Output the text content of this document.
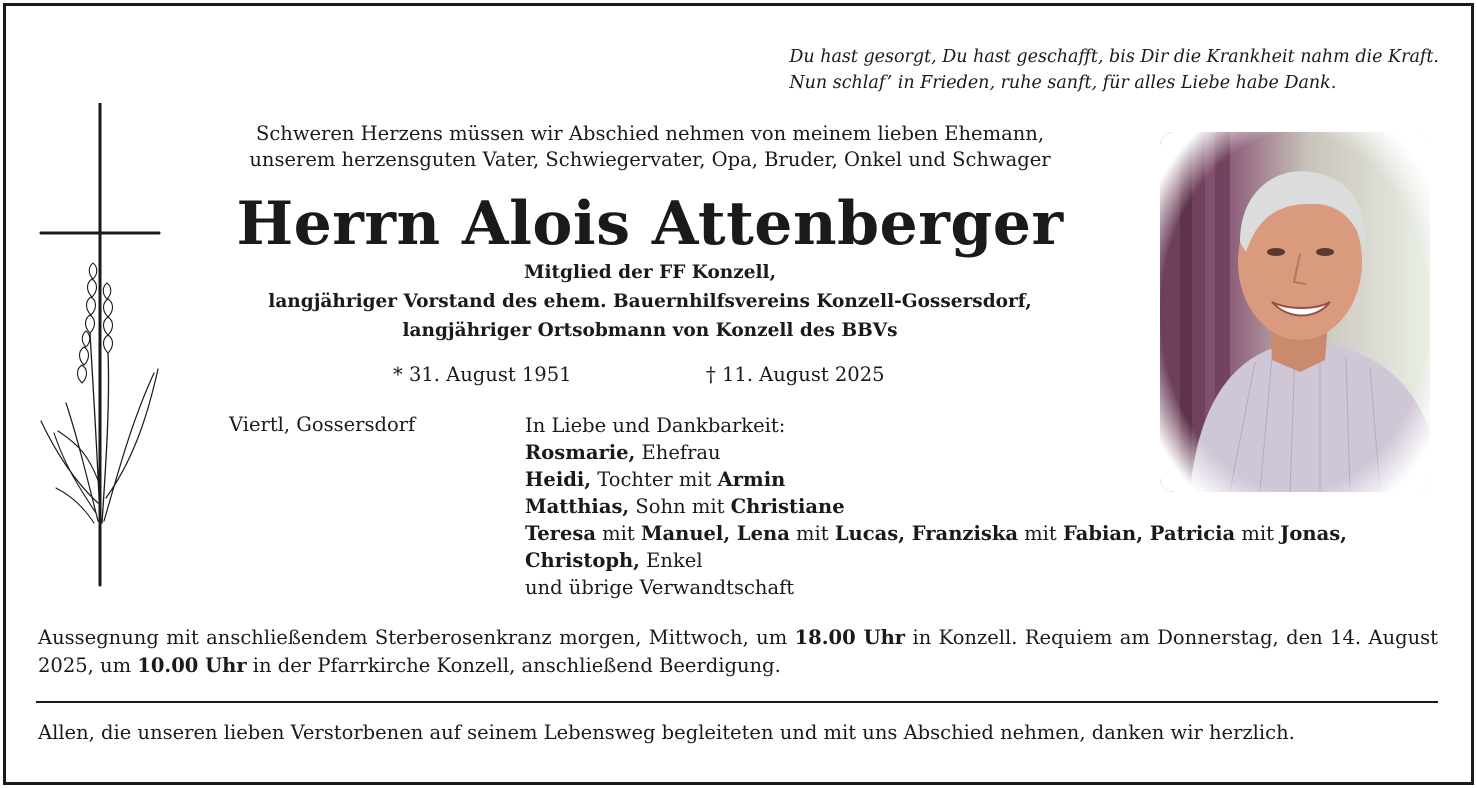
Du hast gesorgt, Du hast geschafft, bis Dir die Krankheit nahm die Kraft.
Nun schlaf’ in Frieden, ruhe sanft, für alles Liebe habe Dank.
Schweren Herzens müssen wir Abschied nehmen von meinem lieben Ehemann,
unserem herzensguten Vater, Schwiegervater, Opa, Bruder, Onkel und Schwager
Herrn Alois Attenberger
Mitglied der FF Konzell,
langjähriger Vorstand des ehem. Bauernhilfsvereins Konzell-Gossersdorf,
langjähriger Ortsobmann von Konzell des BBVs
* 31. August 1951	† 11. August 2025
Viertl, Gossersdorf	In Liebe und Dankbarkeit:
Rosmarie, Ehefrau
Heidi, Tochter mit Armin
Matthias, Sohn mit Christiane
Teresa mit Manuel, Lena mit Lucas, Franziska mit Fabian, Patricia mit Jonas,
Christoph, Enkel
und übrige Verwandtschaft
Aussegnung mit anschließendem Sterberosenkranz morgen, Mittwoch, um 18.00 Uhr in Konzell. Requiem am Donnerstag, den 14. August 2025, um 10.00 Uhr in der Pfarrkirche Konzell, anschließend Beerdigung.
Allen, die unseren lieben Verstorbenen auf seinem Lebensweg begleiteten und mit uns Abschied nehmen, danken wir herzlich.
